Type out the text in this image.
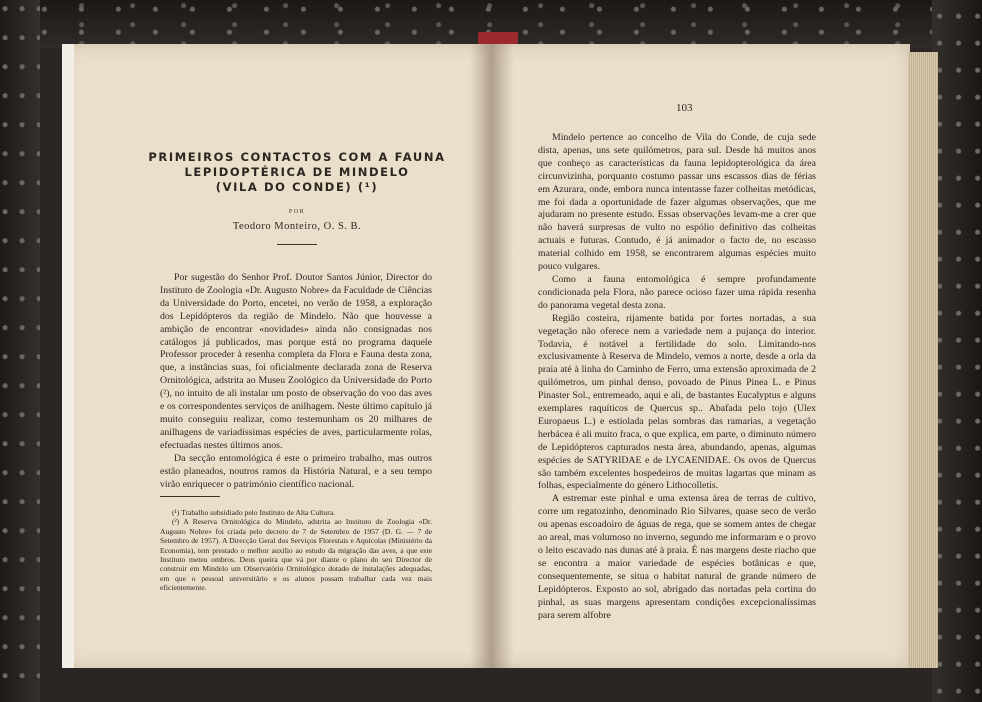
PRIMEIROS CONTACTOS COM A FAUNA
LEPIDOPTÉRICA DE MINDELO
(VILA DO CONDE) (¹)
POR
Teodoro Monteiro, O. S. B.

Por sugestão do Senhor Prof. Doutor Santos Júnior, Director do Instituto de Zoologia «Dr. Augusto Nobre» da Faculdade de Ciências da Universidade do Porto, encetei, no verão de 1958, a exploração dos Lepidópteros da região de Mindelo. Não que houvesse a ambição de encontrar «novidades» ainda não consignadas nos catálogos já publicados, mas porque está no programa daquele Professor proceder à resenha completa da Flora e Fauna desta zona, que, a instâncias suas, foi oficialmente declarada zona de Reserva Ornitológica, adstrita ao Museu Zoológico da Universidade do Porto (²), no intuito de ali instalar um posto de observação do voo das aves e os correspondentes serviços de anilhagem. Neste último capítulo já muito conseguiu realizar, como testemunham os 20 milhares de anilhagens de variadíssimas espécies de aves, particularmente rolas, efectuadas nestes últimos anos.

Da secção entomológica é este o primeiro trabalho, mas outros estão planeados, noutros ramos da História Natural, e a seu tempo virão enriquecer o património científico nacional.

(¹) Trabalho subsidiado pelo Instituto de Alta Cultura.

(²) A Reserva Ornitológica do Mindelo, adstrita ao Instituto de Zoologia «Dr. Augusto Nobre» foi criada pelo decreto de 7 de Setembro de 1957 (D. G. — 7 de Setembro de 1957). A Direcção Geral dos Serviços Florestais e Aquícolas (Ministério da Economia), tem prestado o melhor auxílio ao estudo da migração das aves, a que este Instituto meteu ombros. Deus queira que vá por diante o plano do seu Director de construir em Mindelo um Observatório Ornitológico dotado de instalações adequadas, em que o pessoal universitário e os alunos possam trabalhar cada vez mais eficientemente.

103

Mindelo pertence ao concelho de Vila do Conde, de cuja sede dista, apenas, uns sete quilómetros, para sul. Desde há muitos anos que conheço as características da fauna lepidopterológica da área circunvizinha, porquanto costumo passar uns escassos dias de férias em Azurara, onde, embora nunca intentasse fazer colheitas metódicas, me foi dada a oportunidade de fazer algumas observações, que me ajudaram no presente estudo. Essas observações levam-me a crer que não haverá surpresas de vulto no espólio definitivo das colheitas actuais e futuras. Contudo, é já animador o facto de, no escasso material colhido em 1958, se encontrarem algumas espécies muito pouco vulgares.

Como a fauna entomológica é sempre profundamente condicionada pela Flora, não parece ocioso fazer uma rápida resenha do panorama vegetal desta zona.

Região costeira, rijamente batida por fortes nortadas, a sua vegetação não oferece nem a variedade nem a pujança do interior. Todavia, é notável a fertilidade do solo. Limitando-nos exclusivamente à Reserva de Mindelo, vemos a norte, desde a orla da praia até à linha do Caminho de Ferro, uma extensão aproximada de 2 quilómetros, um pinhal denso, povoado de Pinus Pinea L. e Pinus Pinaster Sol., entremeado, aqui e ali, de bastantes Eucalyptus e alguns exemplares raquíticos de Quercus sp.. Abafada pelo tojo (Ulex Europaeus L.) e estiolada pelas sombras das ramarias, a vegetação herbácea é ali muito fraca, o que explica, em parte, o diminuto número de Lepidópteros capturados nesta área, abundando, apenas, algumas espécies de SATYRIDAE e de LYCAENIDAE. Os ovos de Quercus são também excelentes hospedeiros de muitas lagartas que minam as folhas, especialmente do género Lithocolletis.

A estremar este pinhal e uma extensa área de terras de cultivo, corre um regatozinho, denominado Rio Silvares, quase seco de verão ou apenas escoadoiro de águas de rega, que se somem antes de chegar ao areal, mas volumoso no inverno, segundo me informaram e o provo o leito escavado nas dunas até à praia. É nas margens deste riacho que se encontra a maior variedade de espécies botânicas e que, consequentemente, se situa o habitat natural de grande número de Lepidópteros. Exposto ao sol, abrigado das nortadas pela cortina do pinhal, as suas margens apresentam condições excepcionalíssimas para serem alfobre
